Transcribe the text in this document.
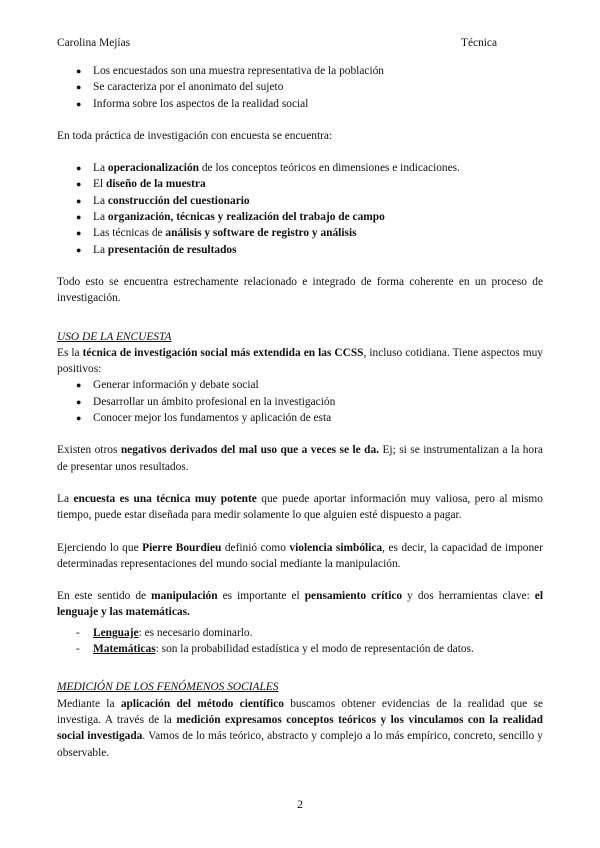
Carolina Mejías	Técnica
● Los encuestados son una muestra representativa de la población
● Se caracteriza por el anonimato del sujeto
● Informa sobre los aspectos de la realidad social

En toda práctica de investigación con encuesta se encuentra:

● La operacionalización de los conceptos teóricos en dimensiones e indicaciones.
● El diseño de la muestra
● La construcción del cuestionario
● La organización, técnicas y realización del trabajo de campo
● Las técnicas de análisis y software de registro y análisis
● La presentación de resultados

Todo esto se encuentra estrechamente relacionado e integrado de forma coherente en un proceso de investigación.

USO DE LA ENCUESTA

Es la técnica de investigación social más extendida en las CCSS, incluso cotidiana. Tiene aspectos muy positivos:

● Generar información y debate social
● Desarrollar un ámbito profesional en la investigación
● Conocer mejor los fundamentos y aplicación de esta

Existen otros negativos derivados del mal uso que a veces se le da. Ej; si se instrumentalizan a la hora de presentar unos resultados.

La encuesta es una técnica muy potente que puede aportar información muy valiosa, pero al mismo tiempo, puede estar diseñada para medir solamente lo que alguien esté dispuesto a pagar.

Ejerciendo lo que Pierre Bourdieu definió como violencia simbólica, es decir, la capacidad de imponer determinadas representaciones del mundo social mediante la manipulación.

En este sentido de manipulación es importante el pensamiento crítico y dos herramientas clave: el lenguaje y las matemáticas.

- Lenguaje: es necesario dominarlo.
- Matemáticas: son la probabilidad estadística y el modo de representación de datos.
MEDICIÓN DE LOS FENÓMENOS SOCIALES

Mediante la aplicación del método científico buscamos obtener evidencias de la realidad que se investiga. A través de la medición expresamos conceptos teóricos y los vinculamos con la realidad social investigada. Vamos de lo más teórico, abstracto y complejo a lo más empírico, concreto, sencillo y observable.

2
